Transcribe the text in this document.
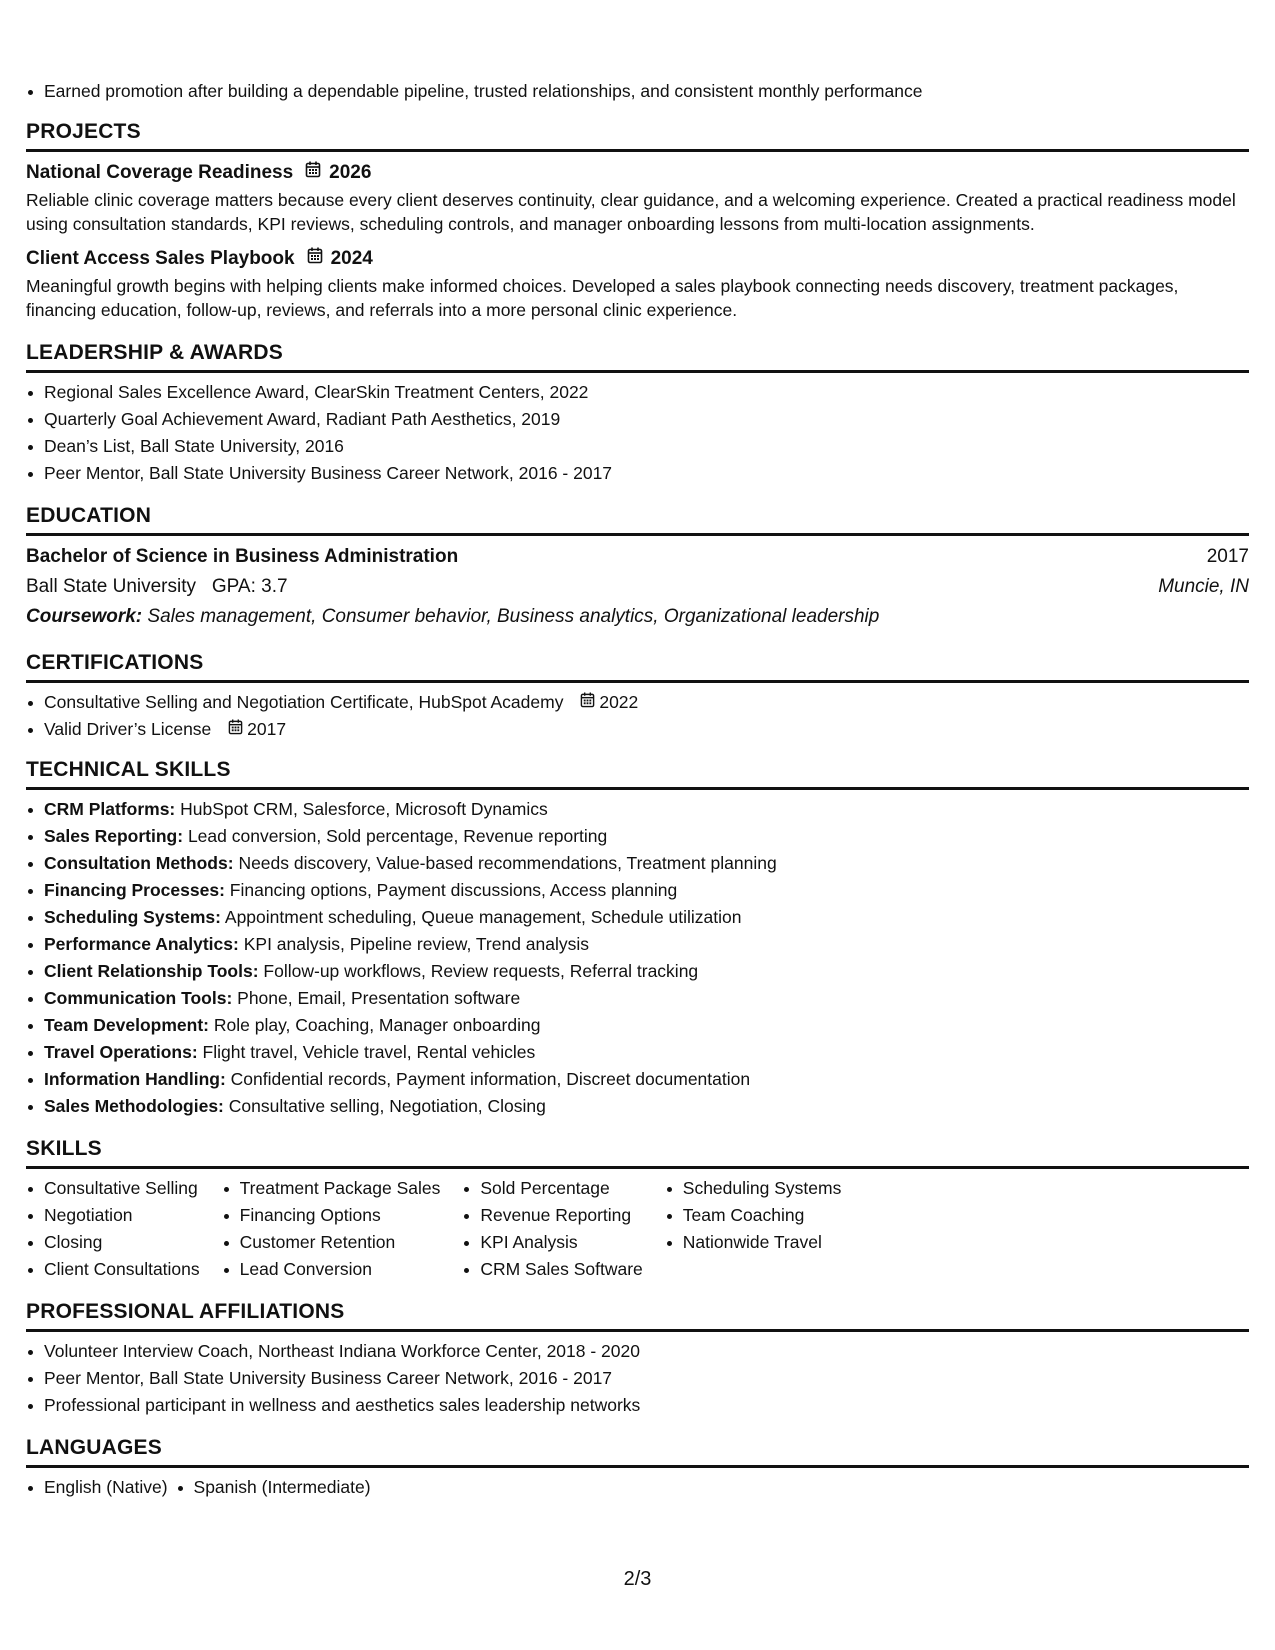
Earned promotion after building a dependable pipeline, trusted relationships, and consistent monthly performance
PROJECTS
National Coverage Readiness 2026
Reliable clinic coverage matters because every client deserves continuity, clear guidance, and a welcoming experience. Created a practical readiness model using consultation standards, KPI reviews, scheduling controls, and manager onboarding lessons from multi-location assignments.
Client Access Sales Playbook 2024
Meaningful growth begins with helping clients make informed choices. Developed a sales playbook connecting needs discovery, treatment packages, financing education, follow-up, reviews, and referrals into a more personal clinic experience.
LEADERSHIP & AWARDS
Regional Sales Excellence Award, ClearSkin Treatment Centers, 2022
Quarterly Goal Achievement Award, Radiant Path Aesthetics, 2019
Dean’s List, Ball State University, 2016
Peer Mentor, Ball State University Business Career Network, 2016 - 2017
EDUCATION
Bachelor of Science in Business Administration	2017
Ball State University GPA: 3.7	Muncie, IN
Coursework: Sales management, Consumer behavior, Business analytics, Organizational leadership
CERTIFICATIONS
Consultative Selling and Negotiation Certificate, HubSpot Academy 2022
Valid Driver’s License 2017
TECHNICAL SKILLS
CRM Platforms: HubSpot CRM, Salesforce, Microsoft Dynamics
Sales Reporting: Lead conversion, Sold percentage, Revenue reporting
Consultation Methods: Needs discovery, Value-based recommendations, Treatment planning
Financing Processes: Financing options, Payment discussions, Access planning
Scheduling Systems: Appointment scheduling, Queue management, Schedule utilization
Performance Analytics: KPI analysis, Pipeline review, Trend analysis
Client Relationship Tools: Follow-up workflows, Review requests, Referral tracking
Communication Tools: Phone, Email, Presentation software
Team Development: Role play, Coaching, Manager onboarding
Travel Operations: Flight travel, Vehicle travel, Rental vehicles
Information Handling: Confidential records, Payment information, Discreet documentation
Sales Methodologies: Consultative selling, Negotiation, Closing
SKILLS
Consultative Selling
Negotiation
Closing
Client Consultations
Treatment Package Sales
Financing Options
Customer Retention
Lead Conversion
Sold Percentage
Revenue Reporting
KPI Analysis
CRM Sales Software
Scheduling Systems
Team Coaching
Nationwide Travel
PROFESSIONAL AFFILIATIONS
Volunteer Interview Coach, Northeast Indiana Workforce Center, 2018 - 2020
Peer Mentor, Ball State University Business Career Network, 2016 - 2017
Professional participant in wellness and aesthetics sales leadership networks
LANGUAGES
English (Native) Spanish (Intermediate)
2/3
